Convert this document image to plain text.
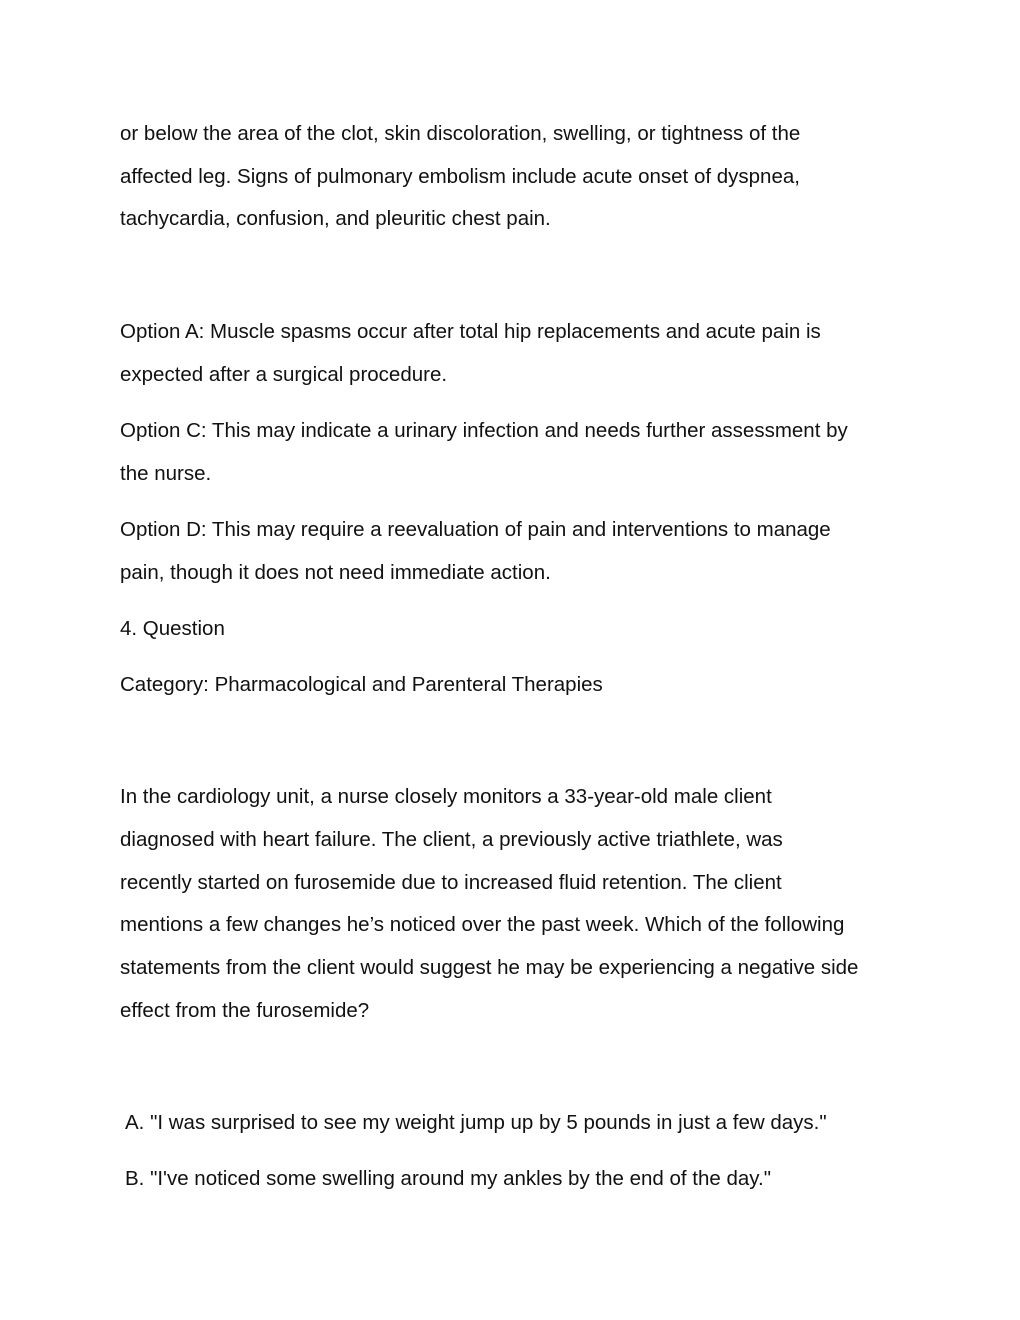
or below the area of the clot, skin discoloration, swelling, or tightness of the
affected leg. Signs of pulmonary embolism include acute onset of dyspnea,
tachycardia, confusion, and pleuritic chest pain.
Option A: Muscle spasms occur after total hip replacements and acute pain is
expected after a surgical procedure.
Option C: This may indicate a urinary infection and needs further assessment by
the nurse.
Option D: This may require a reevaluation of pain and interventions to manage
pain, though it does not need immediate action.
4. Question
Category: Pharmacological and Parenteral Therapies
In the cardiology unit, a nurse closely monitors a 33-year-old male client
diagnosed with heart failure. The client, a previously active triathlete, was
recently started on furosemide due to increased fluid retention. The client
mentions a few changes he’s noticed over the past week. Which of the following
statements from the client would suggest he may be experiencing a negative side
effect from the furosemide?
A. "I was surprised to see my weight jump up by 5 pounds in just a few days."
B. "I've noticed some swelling around my ankles by the end of the day."
